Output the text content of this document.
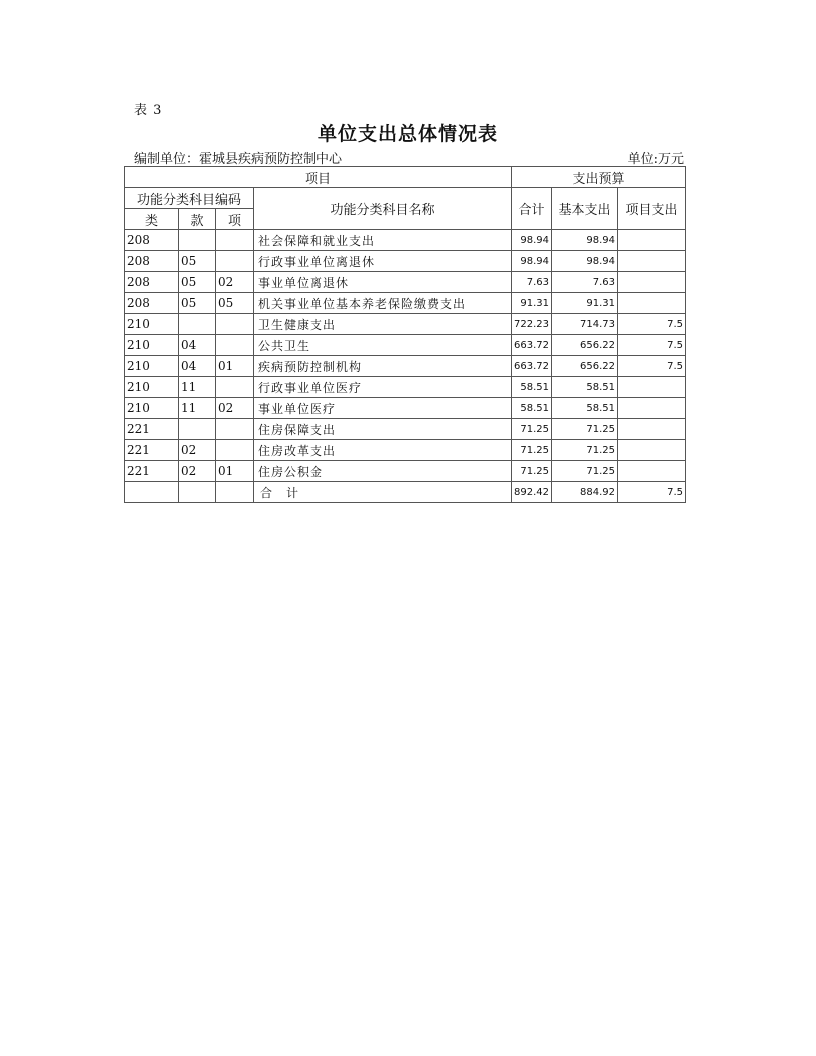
表 3
单位支出总体情况表
编制单位：霍城县疾病预防控制中心	单位:万元
项目				支出预算		
功能分类科目编码			功能分类科目名称	合计	基本支出	项目支出
类	款	项				
208			社会保障和就业支出	98.94	98.94	
208	05		行政事业单位离退休	98.94	98.94	
208	05	02	事业单位离退休	7.63	7.63	
208	05	05	机关事业单位基本养老保险缴费支出	91.31	91.31	
210			卫生健康支出	722.23	714.73	7.5
210	04		公共卫生	663.72	656.22	7.5
210	04	01	疾病预防控制机构	663.72	656.22	7.5
210	11		行政事业单位医疗	58.51	58.51	
210	11	02	事业单位医疗	58.51	58.51	
221			住房保障支出	71.25	71.25	
221	02		住房改革支出	71.25	71.25	
221	02	01	住房公积金	71.25	71.25	
			合计	892.42	884.92	7.5
